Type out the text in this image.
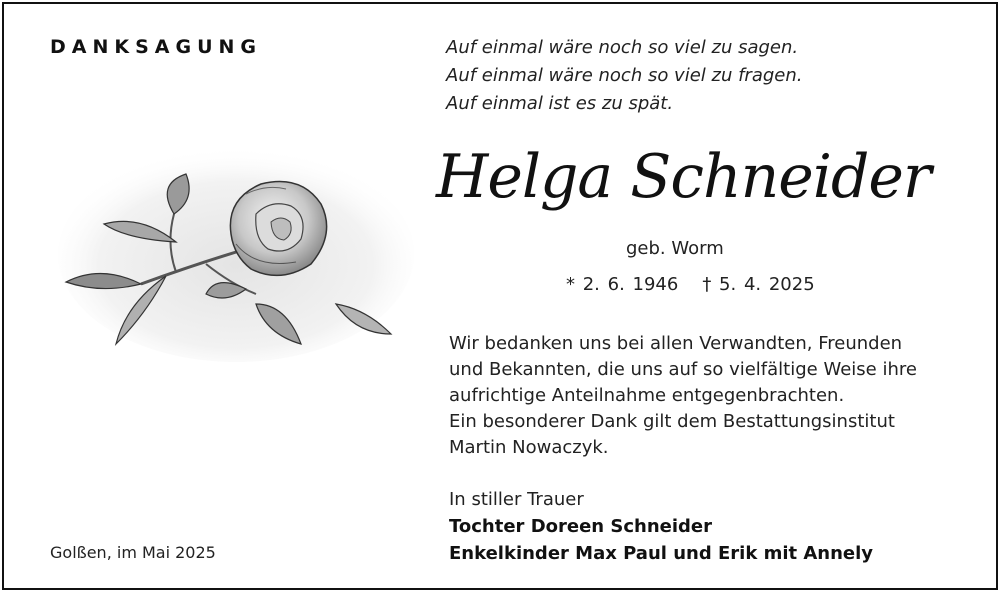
DANKSAGUNG	Auf einmal wäre noch so viel zu sagen.
Auf einmal wäre noch so viel zu fragen.
Auf einmal ist es zu spät.
Helga Schneider
geb. Worm
* 2. 6. 1946 † 5. 4. 2025
Wir bedanken uns bei allen Verwandten, Freunden
und Bekannten, die uns auf so vielfältige Weise ihre
aufrichtige Anteilnahme entgegenbrachten.
Ein besonderer Dank gilt dem Bestattungsinstitut
Martin Nowaczyk.
In stiller Trauer
Tochter Doreen Schneider
Enkelkinder Max Paul und Erik mit Annely
Golßen, im Mai 2025
